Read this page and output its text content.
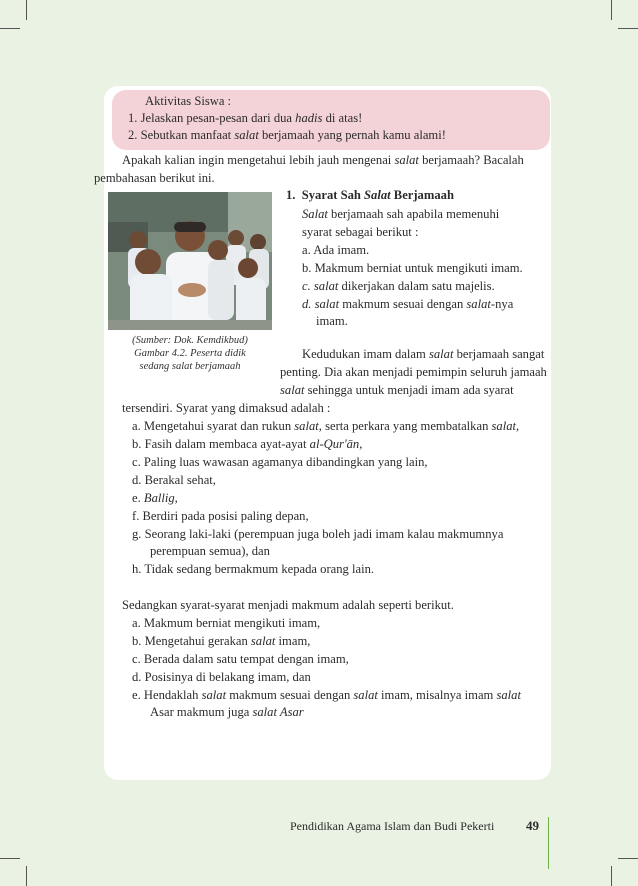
Aktivitas Siswa :
1. Jelaskan pesan-pesan dari dua hadis di atas!
2. Sebutkan manfaat salat berjamaah yang pernah kamu alami!
Apakah kalian ingin mengetahui lebih jauh mengenai salat berjamaah? Bacalah
pembahasan berikut ini.
(Sumber: Dok. Kemdikbud)
Gambar 4.2. Peserta didik
sedang salat berjamaah
1. Syarat Sah Salat Berjamaah
Salat berjamaah sah apabila memenuhi
syarat sebagai berikut :
a. Ada imam.
b. Makmum berniat untuk mengikuti imam.
c. salat dikerjakan dalam satu majelis.
d. salat makmum sesuai dengan salat-nya
imam.
Kedudukan imam dalam salat berjamaah sangat
penting. Dia akan menjadi pemimpin seluruh jamaah
salat sehingga untuk menjadi imam ada syarat
tersendiri. Syarat yang dimaksud adalah :
a. Mengetahui syarat dan rukun salat, serta perkara yang membatalkan salat,
b. Fasih dalam membaca ayat-ayat al-Qur'ān,
c. Paling luas wawasan agamanya dibandingkan yang lain,
d. Berakal sehat,
e. Ballig,
f. Berdiri pada posisi paling depan,
g. Seorang laki-laki (perempuan juga boleh jadi imam kalau makmumnya
perempuan semua), dan
h. Tidak sedang bermakmum kepada orang lain.
Sedangkan syarat-syarat menjadi makmum adalah seperti berikut.
a. Makmum berniat mengikuti imam,
b. Mengetahui gerakan salat imam,
c. Berada dalam satu tempat dengan imam,
d. Posisinya di belakang imam, dan
e. Hendaklah salat makmum sesuai dengan salat imam, misalnya imam salat
Asar makmum juga salat Asar
Pendidikan Agama Islam dan Budi Pekerti 49
